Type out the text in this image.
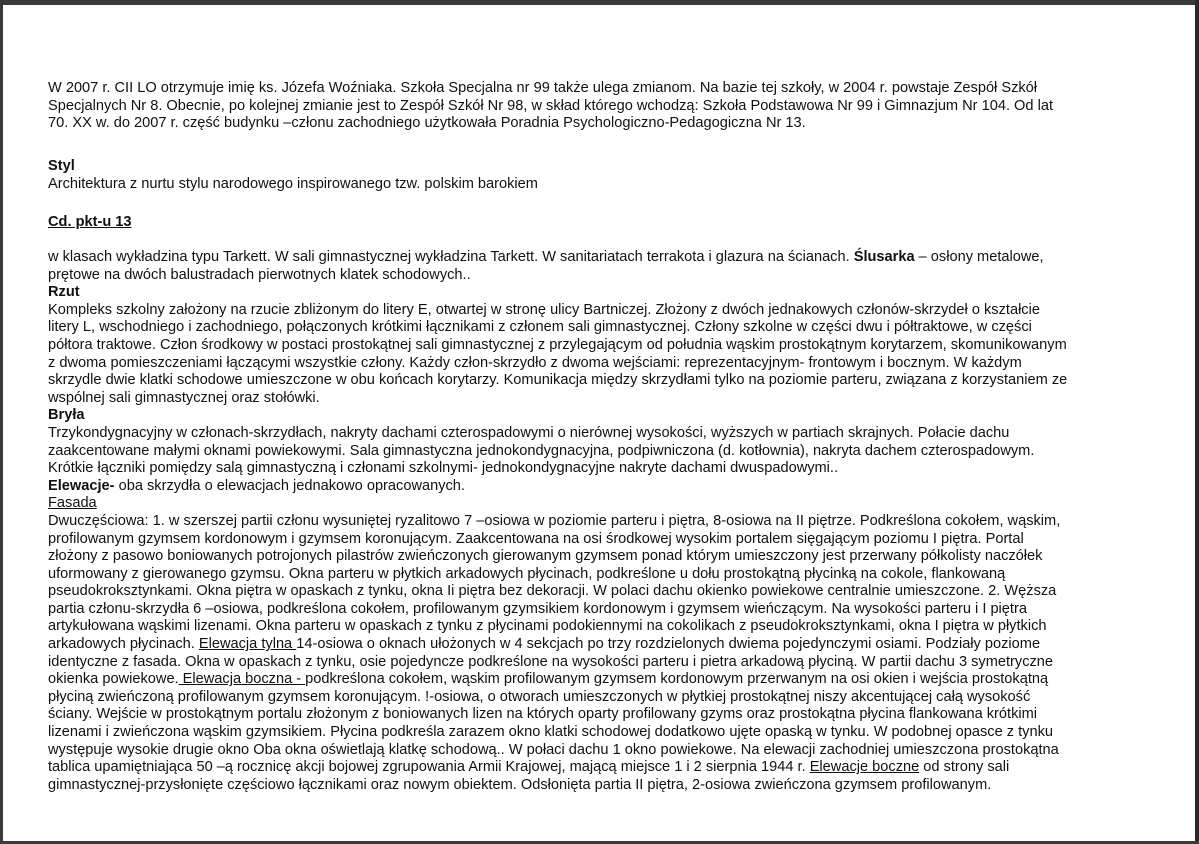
W 2007 r. CII LO otrzymuje imię ks. Józefa Woźniaka. Szkoła Specjalna nr 99 także ulega zmianom. Na bazie tej szkoły, w 2004 r. powstaje Zespół Szkół
Specjalnych Nr 8. Obecnie, po kolejnej zmianie jest to Zespół Szkół Nr 98, w skład którego wchodzą: Szkoła Podstawowa Nr 99 i Gimnazjum Nr 104. Od lat
70. XX w. do 2007 r. część budynku –członu zachodniego użytkowała Poradnia Psychologiczno-Pedagogiczna Nr 13.
Styl
Architektura z nurtu stylu narodowego inspirowanego tzw. polskim barokiem
Cd. pkt-u 13
w klasach wykładzina typu Tarkett. W sali gimnastycznej wykładzina Tarkett. W sanitariatach terrakota i glazura na ścianach. Ślusarka – osłony metalowe,
prętowe na dwóch balustradach pierwotnych klatek schodowych..
Rzut
Kompleks szkolny założony na rzucie zbliżonym do litery E, otwartej w stronę ulicy Bartniczej. Złożony z dwóch jednakowych członów-skrzydeł o kształcie
litery L, wschodniego i zachodniego, połączonych krótkimi łącznikami z członem sali gimnastycznej. Człony szkolne w części dwu i półtraktowe, w części
półtora traktowe. Człon środkowy w postaci prostokątnej sali gimnastycznej z przylegającym od południa wąskim prostokątnym korytarzem, skomunikowanym
z dwoma pomieszczeniami łączącymi wszystkie człony. Każdy człon-skrzydło z dwoma wejściami: reprezentacyjnym- frontowym i bocznym. W każdym
skrzydle dwie klatki schodowe umieszczone w obu końcach korytarzy. Komunikacja między skrzydłami tylko na poziomie parteru, związana z korzystaniem ze
wspólnej sali gimnastycznej oraz stołówki.
Bryła
Trzykondygnacyjny w członach-skrzydłach, nakryty dachami czterospadowymi o nierównej wysokości, wyższych w partiach skrajnych. Połacie dachu
zaakcentowane małymi oknami powiekowymi. Sala gimnastyczna jednokondygnacyjna, podpiwniczona (d. kotłownia), nakryta dachem czterospadowym.
Krótkie łączniki pomiędzy salą gimnastyczną i członami szkolnymi- jednokondygnacyjne nakryte dachami dwuspadowymi..
Elewacje- oba skrzydła o elewacjach jednakowo opracowanych.
Fasada
Dwuczęściowa: 1. w szerszej partii członu wysuniętej ryzalitowo 7 –osiowa w poziomie parteru i piętra, 8-osiowa na II piętrze. Podkreślona cokołem, wąskim,
profilowanym gzymsem kordonowym i gzymsem koronującym. Zaakcentowana na osi środkowej wysokim portalem sięgającym poziomu I piętra. Portal
złożony z pasowo boniowanych potrojonych pilastrów zwieńczonych gierowanym gzymsem ponad którym umieszczony jest przerwany półkolisty naczółek
uformowany z gierowanego gzymsu. Okna parteru w płytkich arkadowych płycinach, podkreślone u dołu prostokątną płycinką na cokole, flankowaną
pseudokroksztynkami. Okna piętra w opaskach z tynku, okna Ii piętra bez dekoracji. W polaci dachu okienko powiekowe centralnie umieszczone. 2. Węższa
partia członu-skrzydła 6 –osiowa, podkreślona cokołem, profilowanym gzymsikiem kordonowym i gzymsem wieńczącym. Na wysokości parteru i I piętra
artykułowana wąskimi lizenami. Okna parteru w opaskach z tynku z płycinami podokiennymi na cokolikach z pseudokroksztynkami, okna I piętra w płytkich
arkadowych płycinach. Elewacja tylna 14-osiowa o oknach ułożonych w 4 sekcjach po trzy rozdzielonych dwiema pojedynczymi osiami. Podziały poziome
identyczne z fasada. Okna w opaskach z tynku, osie pojedyncze podkreślone na wysokości parteru i pietra arkadową płyciną. W partii dachu 3 symetryczne
okienka powiekowe. Elewacja boczna - podkreślona cokołem, wąskim profilowanym gzymsem kordonowym przerwanym na osi okien i wejścia prostokątną
płyciną zwieńczoną profilowanym gzymsem koronującym. !-osiowa, o otworach umieszczonych w płytkiej prostokątnej niszy akcentującej całą wysokość
ściany. Wejście w prostokątnym portalu złożonym z boniowanych lizen na których oparty profilowany gzyms oraz prostokątna płycina flankowana krótkimi
lizenami i zwieńczona wąskim gzymsikiem. Płycina podkreśla zarazem okno klatki schodowej dodatkowo ujęte opaską w tynku. W podobnej opasce z tynku
występuje wysokie drugie okno Oba okna oświetlają klatkę schodową.. W połaci dachu 1 okno powiekowe. Na elewacji zachodniej umieszczona prostokątna
tablica upamiętniająca 50 –ą rocznicę akcji bojowej zgrupowania Armii Krajowej, mającą miejsce 1 i 2 sierpnia 1944 r. Elewacje boczne od strony sali
gimnastycznej-przysłonięte częściowo łącznikami oraz nowym obiektem. Odsłonięta partia II piętra, 2-osiowa zwieńczona gzymsem profilowanym.
